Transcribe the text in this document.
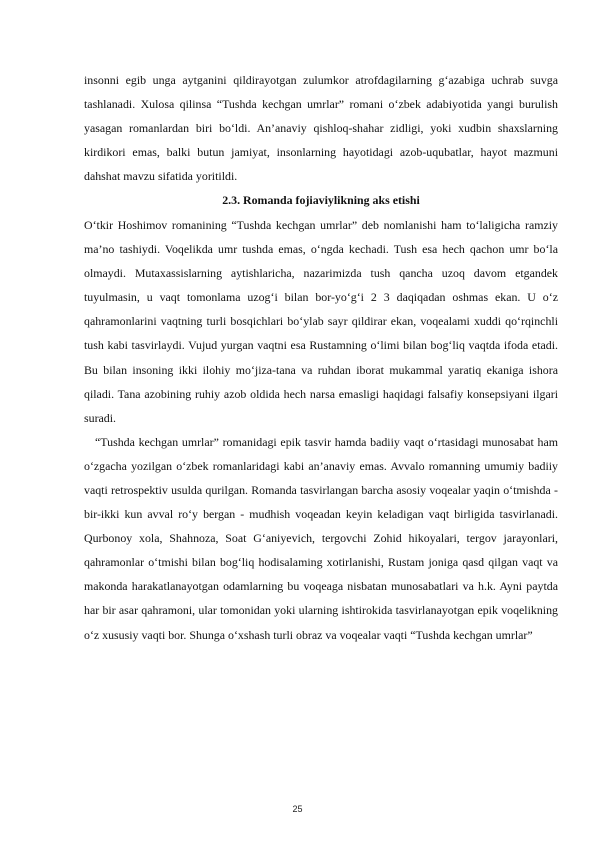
insonni egib unga aytganini qildirayotgan zulumkor atrofdagilarning g‘azabiga uchrab suvga tashlanadi. Xulosa qilinsa “Tushda kechgan umrlar” romani o‘zbek adabiyotida yangi burulish yasagan romanlardan biri bo‘ldi. An’anaviy qishloq-shahar zidligi, yoki xudbin shaxslarning kirdikori emas, balki butun jamiyat, insonlarning hayotidagi azob-uqubatlar, hayot mazmuni dahshat mavzu sifatida yoritildi.

2.3. Romanda fojiaviylikning aks etishi

O‘tkir Hoshimov romanining “Tushda kechgan umrlar” deb nomlanishi ham to‘laligicha ramziy ma’no tashiydi. Voqelikda umr tushda emas, o‘ngda kechadi. Tush esa hech qachon umr bo‘la olmaydi. Mutaxassislarning aytishlaricha, nazarimizda tush qancha uzoq davom etgandek tuyulmasin, u vaqt tomonlama uzog‘i bilan bor-yo‘g‘i 2 3 daqiqadan oshmas ekan. U o‘z qahramonlarini vaqtning turli bosqichlari bo‘ylab sayr qildirar ekan, voqealami xuddi qo‘rqinchli tush kabi tasvirlaydi. Vujud yurgan vaqtni esa Rustamning o‘limi bilan bog‘liq vaqtda ifoda etadi. Bu bilan insoning ikki ilohiy mo‘jiza-tana va ruhdan iborat mukammal yaratiq ekaniga ishora qiladi. Tana azobining ruhiy azob oldida hech narsa emasligi haqidagi falsafiy konsepsiyani ilgari suradi.

“Tushda kechgan umrlar” romanidagi epik tasvir hamda badiiy vaqt o‘rtasidagi munosabat ham o‘zgacha yozilgan o‘zbek romanlaridagi kabi an’anaviy emas. Avvalo romanning umumiy badiiy vaqti retrospektiv usulda qurilgan. Romanda tasvirlangan barcha asosiy voqealar yaqin o‘tmishda - bir-ikki kun avval ro‘y bergan - mudhish voqeadan keyin keladigan vaqt birligida tasvirlanadi. Qurbonoy xola, Shahnoza, Soat G‘aniyevich, tergovchi Zohid hikoyalari, tergov jarayonlari, qahramonlar o‘tmishi bilan bog‘liq hodisalaming xotirlanishi, Rustam joniga qasd qilgan vaqt va makonda harakatlanayotgan odamlarning bu voqeaga nisbatan munosabatlari va h.k. Ayni paytda har bir asar qahramoni, ular tomonidan yoki ularning ishtirokida tasvirlanayotgan epik voqelikning o‘z xususiy vaqti bor. Shunga o‘xshash turli obraz va voqealar vaqti “Tushda kechgan umrlar”

25
